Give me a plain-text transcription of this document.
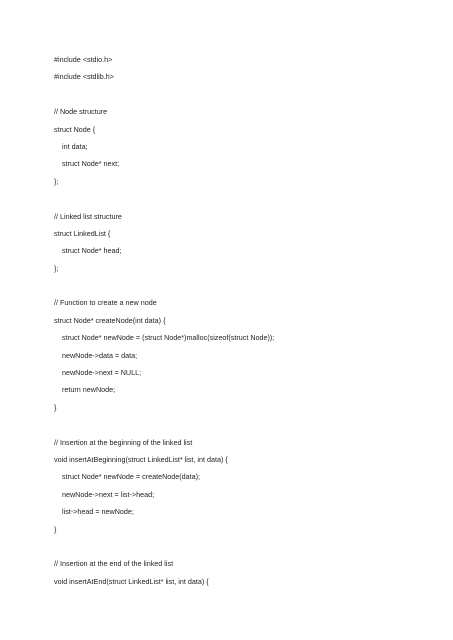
#include <stdio.h>
#include <stdlib.h>
// Node structure
struct Node {
int data;
struct Node* next;
};
// Linked list structure
struct LinkedList {
struct Node* head;
};
// Function to create a new node
struct Node* createNode(int data) {
struct Node* newNode = (struct Node*)malloc(sizeof(struct Node));
newNode->data = data;
newNode->next = NULL;
return newNode;
}
// Insertion at the beginning of the linked list
void insertAtBeginning(struct LinkedList* list, int data) {
struct Node* newNode = createNode(data);
newNode->next = list->head;
list->head = newNode;
}
// Insertion at the end of the linked list
void insertAtEnd(struct LinkedList* list, int data) {
